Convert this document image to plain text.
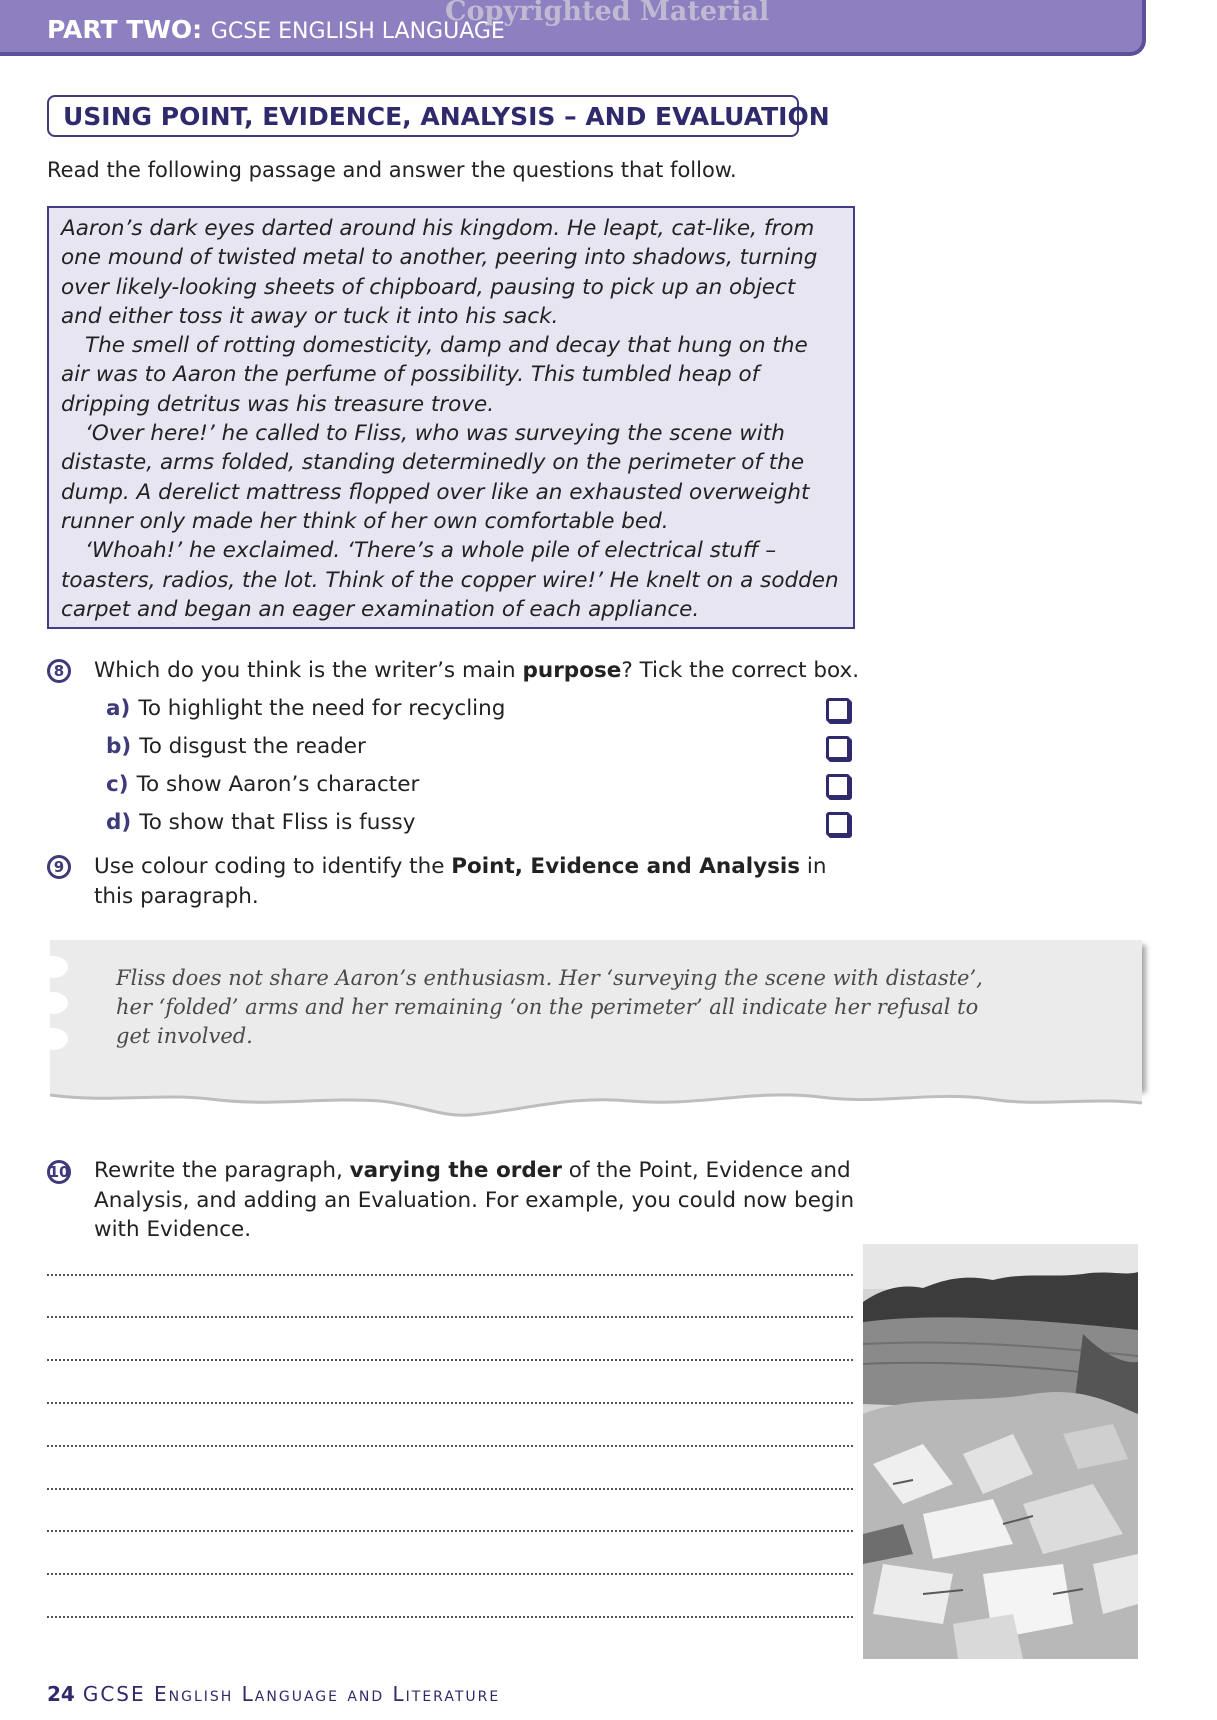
PART TWO: GCSE ENGLISH LANGUAGE
Copyrighted Material
USING POINT, EVIDENCE, ANALYSIS – AND EVALUATION
Read the following passage and answer the questions that follow.

Aaron’s dark eyes darted around his kingdom. He leapt, cat-like, from one mound of twisted metal to another, peering into shadows, turning over likely-looking sheets of chipboard, pausing to pick up an object and either toss it away or tuck it into his sack.

The smell of rotting domesticity, damp and decay that hung on the air was to Aaron the perfume of possibility. This tumbled heap of dripping detritus was his treasure trove.

‘Over here!’ he called to Fliss, who was surveying the scene with distaste, arms folded, standing determinedly on the perimeter of the dump. A derelict mattress flopped over like an exhausted overweight runner only made her think of her own comfortable bed.

‘Whoah!’ he exclaimed. ‘There’s a whole pile of electrical stuff – toasters, radios, the lot. Think of the copper wire!’ He knelt on a sodden carpet and began an eager examination of each appliance.

8	Which do you think is the writer’s main purpose? Tick the correct box.
a) To highlight the need for recycling
b) To disgust the reader
c) To show Aaron’s character
d) To show that Fliss is fussy
9	Use colour coding to identify the Point, Evidence and Analysis in this paragraph.
Fliss does not share Aaron’s enthusiasm. Her ‘surveying the scene with distaste’, her ‘folded’ arms and her remaining ‘on the perimeter’ all indicate her refusal to get involved.
10 Rewrite the paragraph, varying the order of the Point, Evidence and Analysis, and adding an Evaluation. For example, you could now begin with Evidence.
24 GCSE English Language and Literature
